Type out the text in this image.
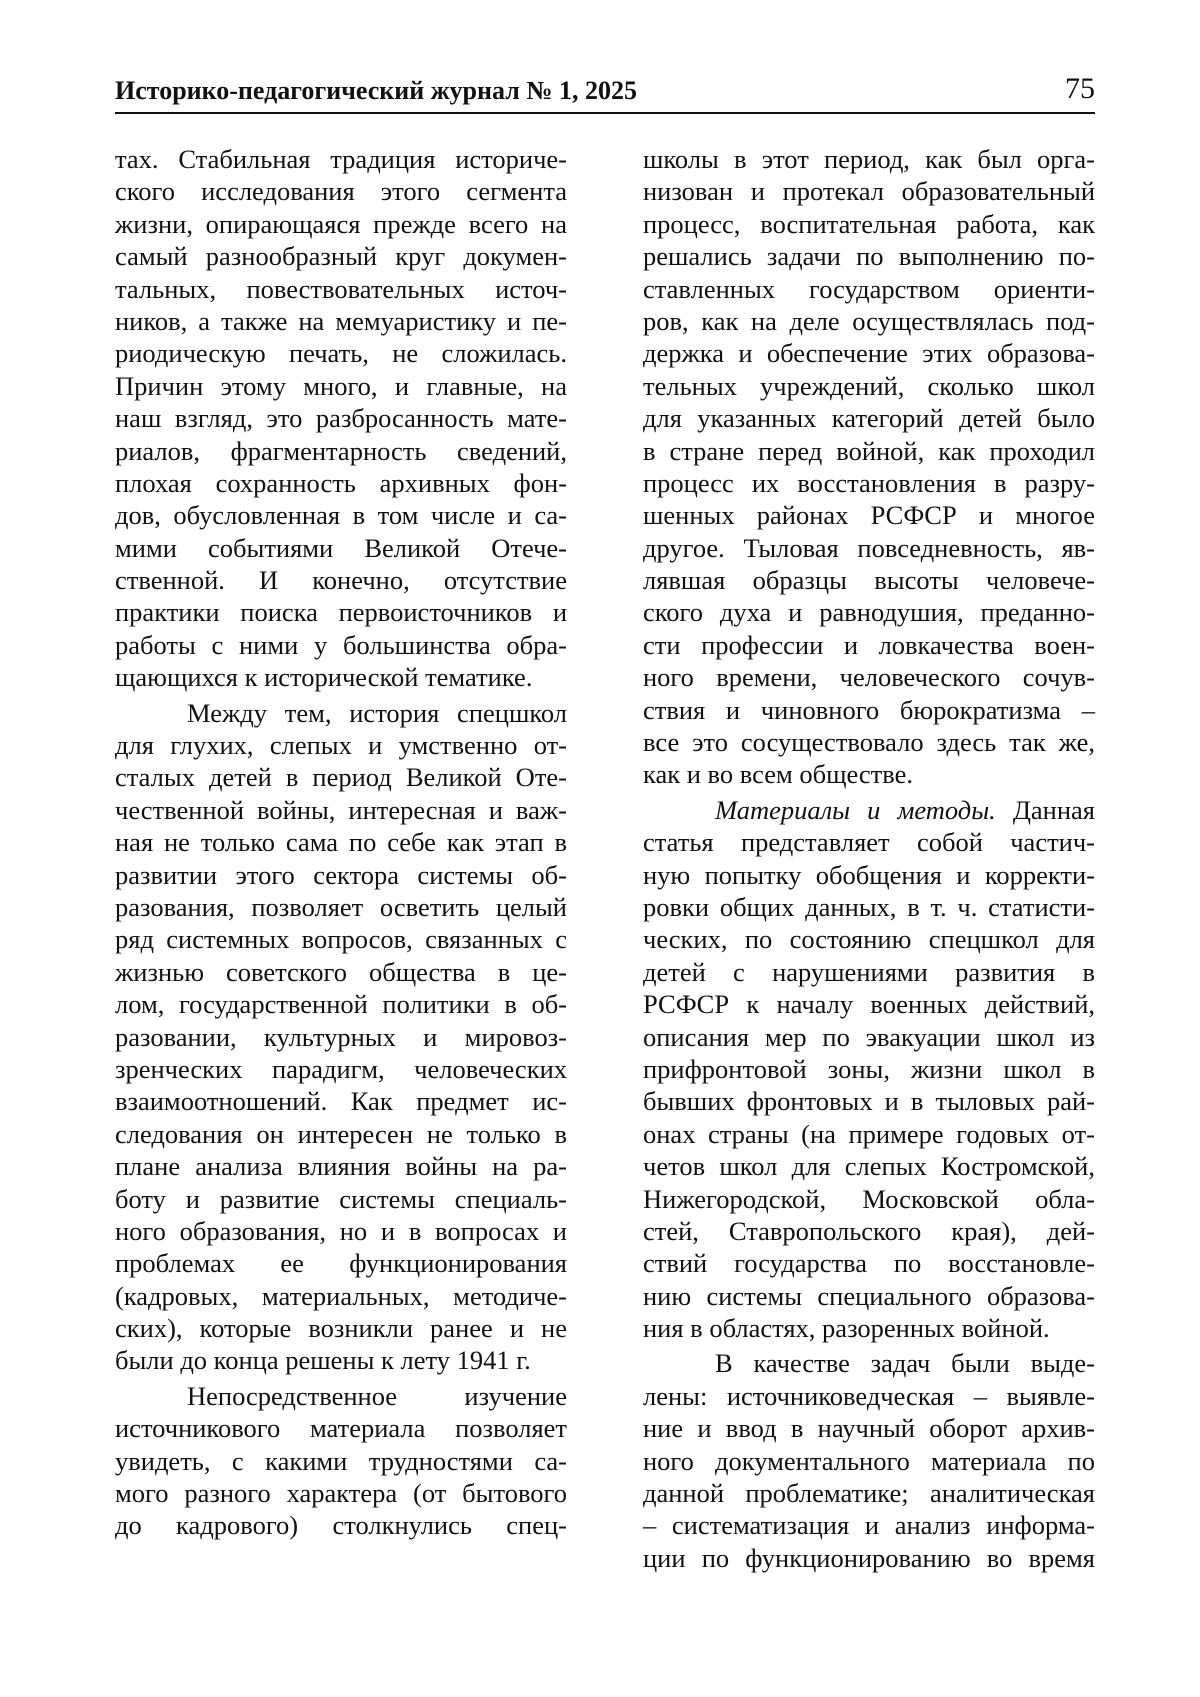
Историко-педагогический журнал № 1, 2025	75
тах. Стабильная традиция историче-
ского исследования этого сегмента
жизни, опирающаяся прежде всего на
самый разнообразный круг докумен-
тальных, повествовательных источ-
ников, а также на мемуаристику и пе-
риодическую печать, не сложилась.
Причин этому много, и главные, на
наш взгляд, это разбросанность мате-
риалов, фрагментарность сведений,
плохая сохранность архивных фон-
дов, обусловленная в том числе и са-
мими событиями Великой Отече-
ственной. И конечно, отсутствие
практики поиска первоисточников и
работы с ними у большинства обра-
щающихся к исторической тематике.
Между тем, история спецшкол
для глухих, слепых и умственно от-
сталых детей в период Великой Оте-
чественной войны, интересная и важ-
ная не только сама по себе как этап в
развитии этого сектора системы об-
разования, позволяет осветить целый
ряд системных вопросов, связанных с
жизнью советского общества в це-
лом, государственной политики в об-
разовании, культурных и мировоз-
зренческих парадигм, человеческих
взаимоотношений. Как предмет ис-
следования он интересен не только в
плане анализа влияния войны на ра-
боту и развитие системы специаль-
ного образования, но и в вопросах и
проблемах ее функционирования
(кадровых, материальных, методиче-
ских), которые возникли ранее и не
были до конца решены к лету 1941 г.
Непосредственное изучение
источникового материала позволяет
увидеть, с какими трудностями са-
мого разного характера (от бытового
до кадрового) столкнулись спец-
школы в этот период, как был орга-
низован и протекал образовательный
процесс, воспитательная работа, как
решались задачи по выполнению по-
ставленных государством ориенти-
ров, как на деле осуществлялась под-
держка и обеспечение этих образова-
тельных учреждений, сколько школ
для указанных категорий детей было
в стране перед войной, как проходил
процесс их восстановления в разру-
шенных районах РСФСР и многое
другое. Тыловая повседневность, яв-
лявшая образцы высоты человече-
ского духа и равнодушия, преданно-
сти профессии и ловкачества воен-
ного времени, человеческого сочув-
ствия и чиновного бюрократизма –
все это сосуществовало здесь так же,
как и во всем обществе.
Материалы и методы. Данная
статья представляет собой частич-
ную попытку обобщения и корректи-
ровки общих данных, в т. ч. статисти-
ческих, по состоянию спецшкол для
детей с нарушениями развития в
РСФСР к началу военных действий,
описания мер по эвакуации школ из
прифронтовой зоны, жизни школ в
бывших фронтовых и в тыловых рай-
онах страны (на примере годовых от-
четов школ для слепых Костромской,
Нижегородской, Московской обла-
стей, Ставропольского края), дей-
ствий государства по восстановле-
нию системы специального образова-
ния в областях, разоренных войной.
В качестве задач были выде-
лены: источниковедческая – выявле-
ние и ввод в научный оборот архив-
ного документального материала по
данной проблематике; аналитическая
– систематизация и анализ информа-
ции по функционированию во время
